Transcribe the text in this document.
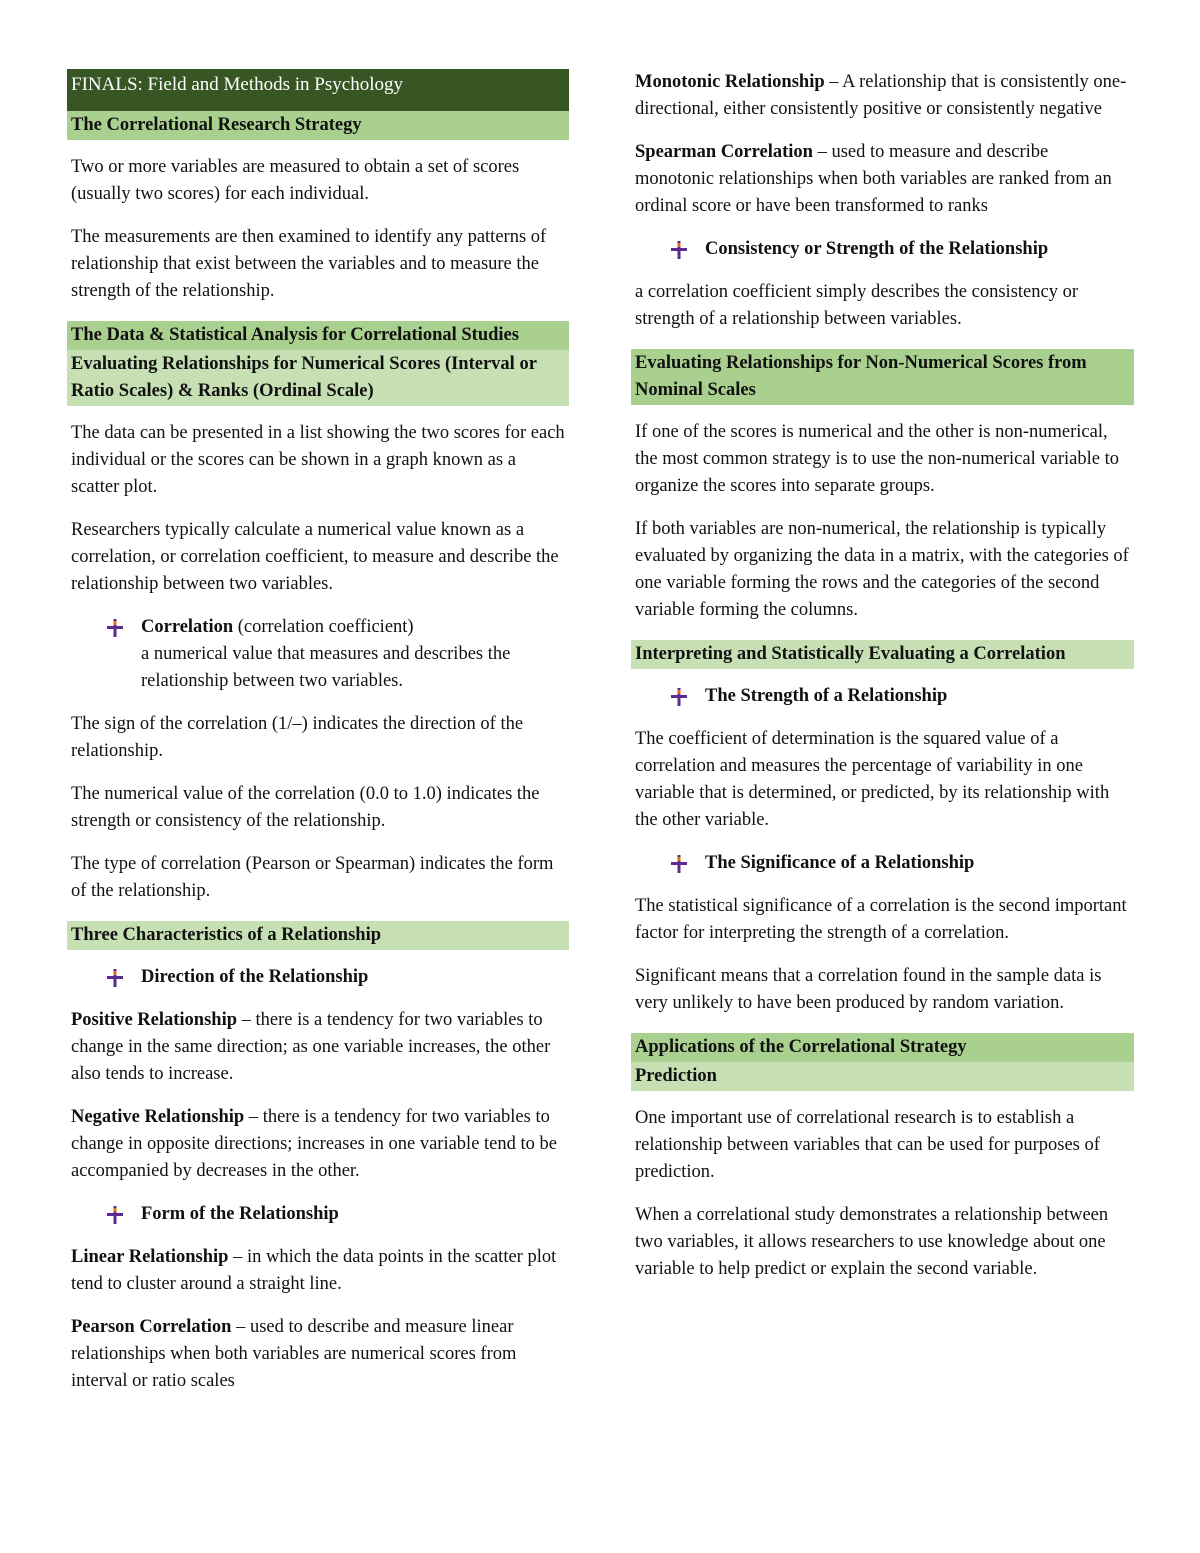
FINALS: Field and Methods in Psychology
The Correlational Research Strategy

Two or more variables are measured to obtain a set of scores (usually two scores) for each individual.

The measurements are then examined to identify any patterns of relationship that exist between the variables and to measure the strength of the relationship.

The Data & Statistical Analysis for Correlational Studies
Evaluating Relationships for Numerical Scores (Interval or Ratio Scales) & Ranks (Ordinal Scale)

The data can be presented in a list showing the two scores for each individual or the scores can be shown in a graph known as a scatter plot.

Researchers typically calculate a numerical value known as a correlation, or correlation coefficient, to measure and describe the relationship between two variables.

Correlation (correlation coefficient)
a numerical value that measures and describes the relationship between two variables.

The sign of the correlation (1/–) indicates the direction of the relationship.

The numerical value of the correlation (0.0 to 1.0) indicates the strength or consistency of the relationship.

The type of correlation (Pearson or Spearman) indicates the form of the relationship.

Three Characteristics of a Relationship
Direction of the Relationship

Positive Relationship – there is a tendency for two variables to change in the same direction; as one variable increases, the other also tends to increase.

Negative Relationship – there is a tendency for two variables to change in opposite directions; increases in one variable tend to be accompanied by decreases in the other.

Form of the Relationship

Linear Relationship – in which the data points in the scatter plot tend to cluster around a straight line.

Pearson Correlation – used to describe and measure linear relationships when both variables are numerical scores from interval or ratio scales

Monotonic Relationship – A relationship that is consistently one-directional, either consistently positive or consistently negative

Spearman Correlation – used to measure and describe monotonic relationships when both variables are ranked from an ordinal score or have been transformed to ranks

Consistency or Strength of the Relationship

a correlation coefficient simply describes the consistency or strength of a relationship between variables.

Evaluating Relationships for Non-Numerical Scores from Nominal Scales

If one of the scores is numerical and the other is non-numerical, the most common strategy is to use the non-numerical variable to organize the scores into separate groups.

If both variables are non-numerical, the relationship is typically evaluated by organizing the data in a matrix, with the categories of one variable forming the rows and the categories of the second variable forming the columns.

Interpreting and Statistically Evaluating a Correlation
The Strength of a Relationship

The coefficient of determination is the squared value of a correlation and measures the percentage of variability in one variable that is determined, or predicted, by its relationship with the other variable.

The Significance of a Relationship

The statistical significance of a correlation is the second important factor for interpreting the strength of a correlation.

Significant means that a correlation found in the sample data is very unlikely to have been produced by random variation.

Applications of the Correlational Strategy
Prediction

One important use of correlational research is to establish a relationship between variables that can be used for purposes of prediction.

When a correlational study demonstrates a relationship between two variables, it allows researchers to use knowledge about one variable to help predict or explain the second variable.
